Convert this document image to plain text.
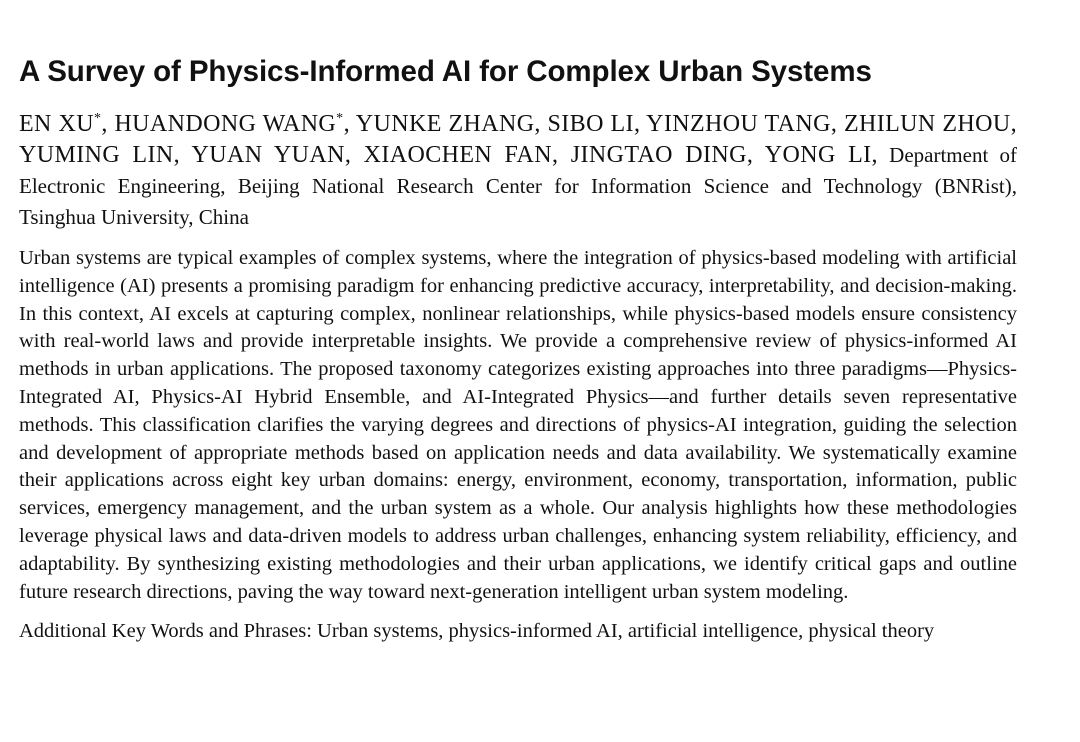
A Survey of Physics-Informed AI for Complex Urban Systems

EN XU*, HUANDONG WANG*, YUNKE ZHANG, SIBO LI, YINZHOU TANG, ZHILUN ZHOU, YUMING LIN, YUAN YUAN, XIAOCHEN FAN, JINGTAO DING, YONG LI, Department of Electronic Engineering, Beijing National Research Center for Information Science and Technology (BNRist), Tsinghua University, China

Urban systems are typical examples of complex systems, where the integration of physics-based modeling with artificial intelligence (AI) presents a promising paradigm for enhancing predictive accuracy, interpretability, and decision-making. In this context, AI excels at capturing complex, nonlinear relationships, while physics-based models ensure consistency with real-world laws and provide interpretable insights. We provide a comprehensive review of physics-informed AI methods in urban applications. The proposed taxonomy categorizes existing approaches into three paradigms—Physics-Integrated AI, Physics-AI Hybrid Ensemble, and AI-Integrated Physics—and further details seven representative methods. This classification clarifies the varying degrees and directions of physics-AI integration, guiding the selection and development of appropriate methods based on application needs and data availability. We systematically examine their applications across eight key urban domains: energy, environment, economy, transportation, information, public services, emergency management, and the urban system as a whole. Our analysis highlights how these methodologies leverage physical laws and data-driven models to address urban challenges, enhancing system reliability, efficiency, and adaptability. By synthesizing existing methodologies and their urban applications, we identify critical gaps and outline future research directions, paving the way toward next-generation intelligent urban system modeling.

Additional Key Words and Phrases: Urban systems, physics-informed AI, artificial intelligence, physical theory
